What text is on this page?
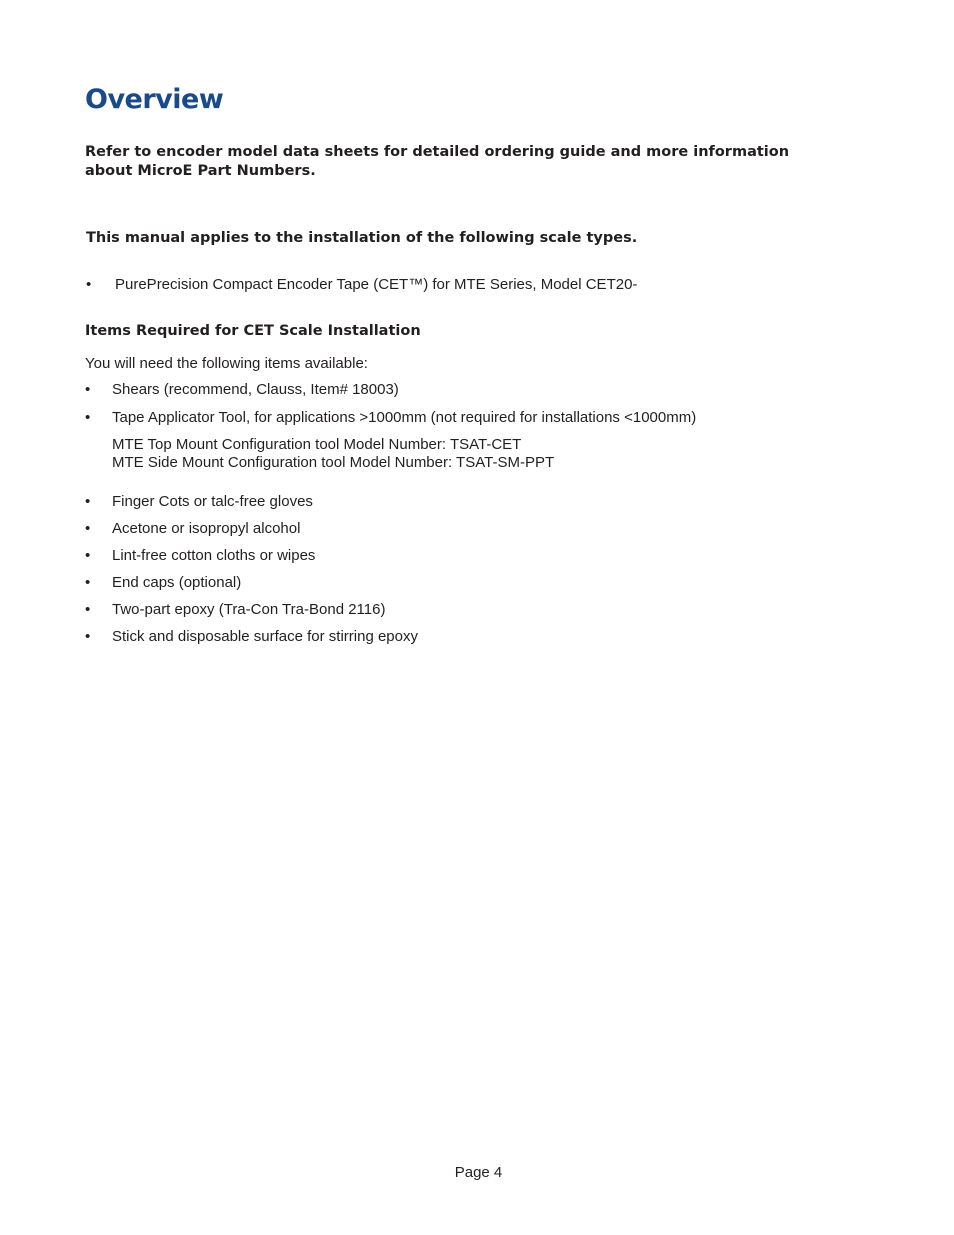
Overview

Refer to encoder model data sheets for detailed ordering guide and more information about MicroE Part Numbers.

This manual applies to the installation of the following scale types.

• PurePrecision Compact Encoder Tape (CET™) for MTE Series, Model CET20-
Items Required for CET Scale Installation

You will need the following items available:

• Shears (recommend, Clauss, Item# 18003)
• Tape Applicator Tool, for applications >1000mm (not required for installations <1000mm)
MTE Top Mount Configuration tool Model Number: TSAT-CET
MTE Side Mount Configuration tool Model Number: TSAT-SM-PPT
• Finger Cots or talc-free gloves
• Acetone or isopropyl alcohol
• Lint-free cotton cloths or wipes
• End caps (optional)
• Two-part epoxy (Tra-Con Tra-Bond 2116)
• Stick and disposable surface for stirring epoxy

Page 4
